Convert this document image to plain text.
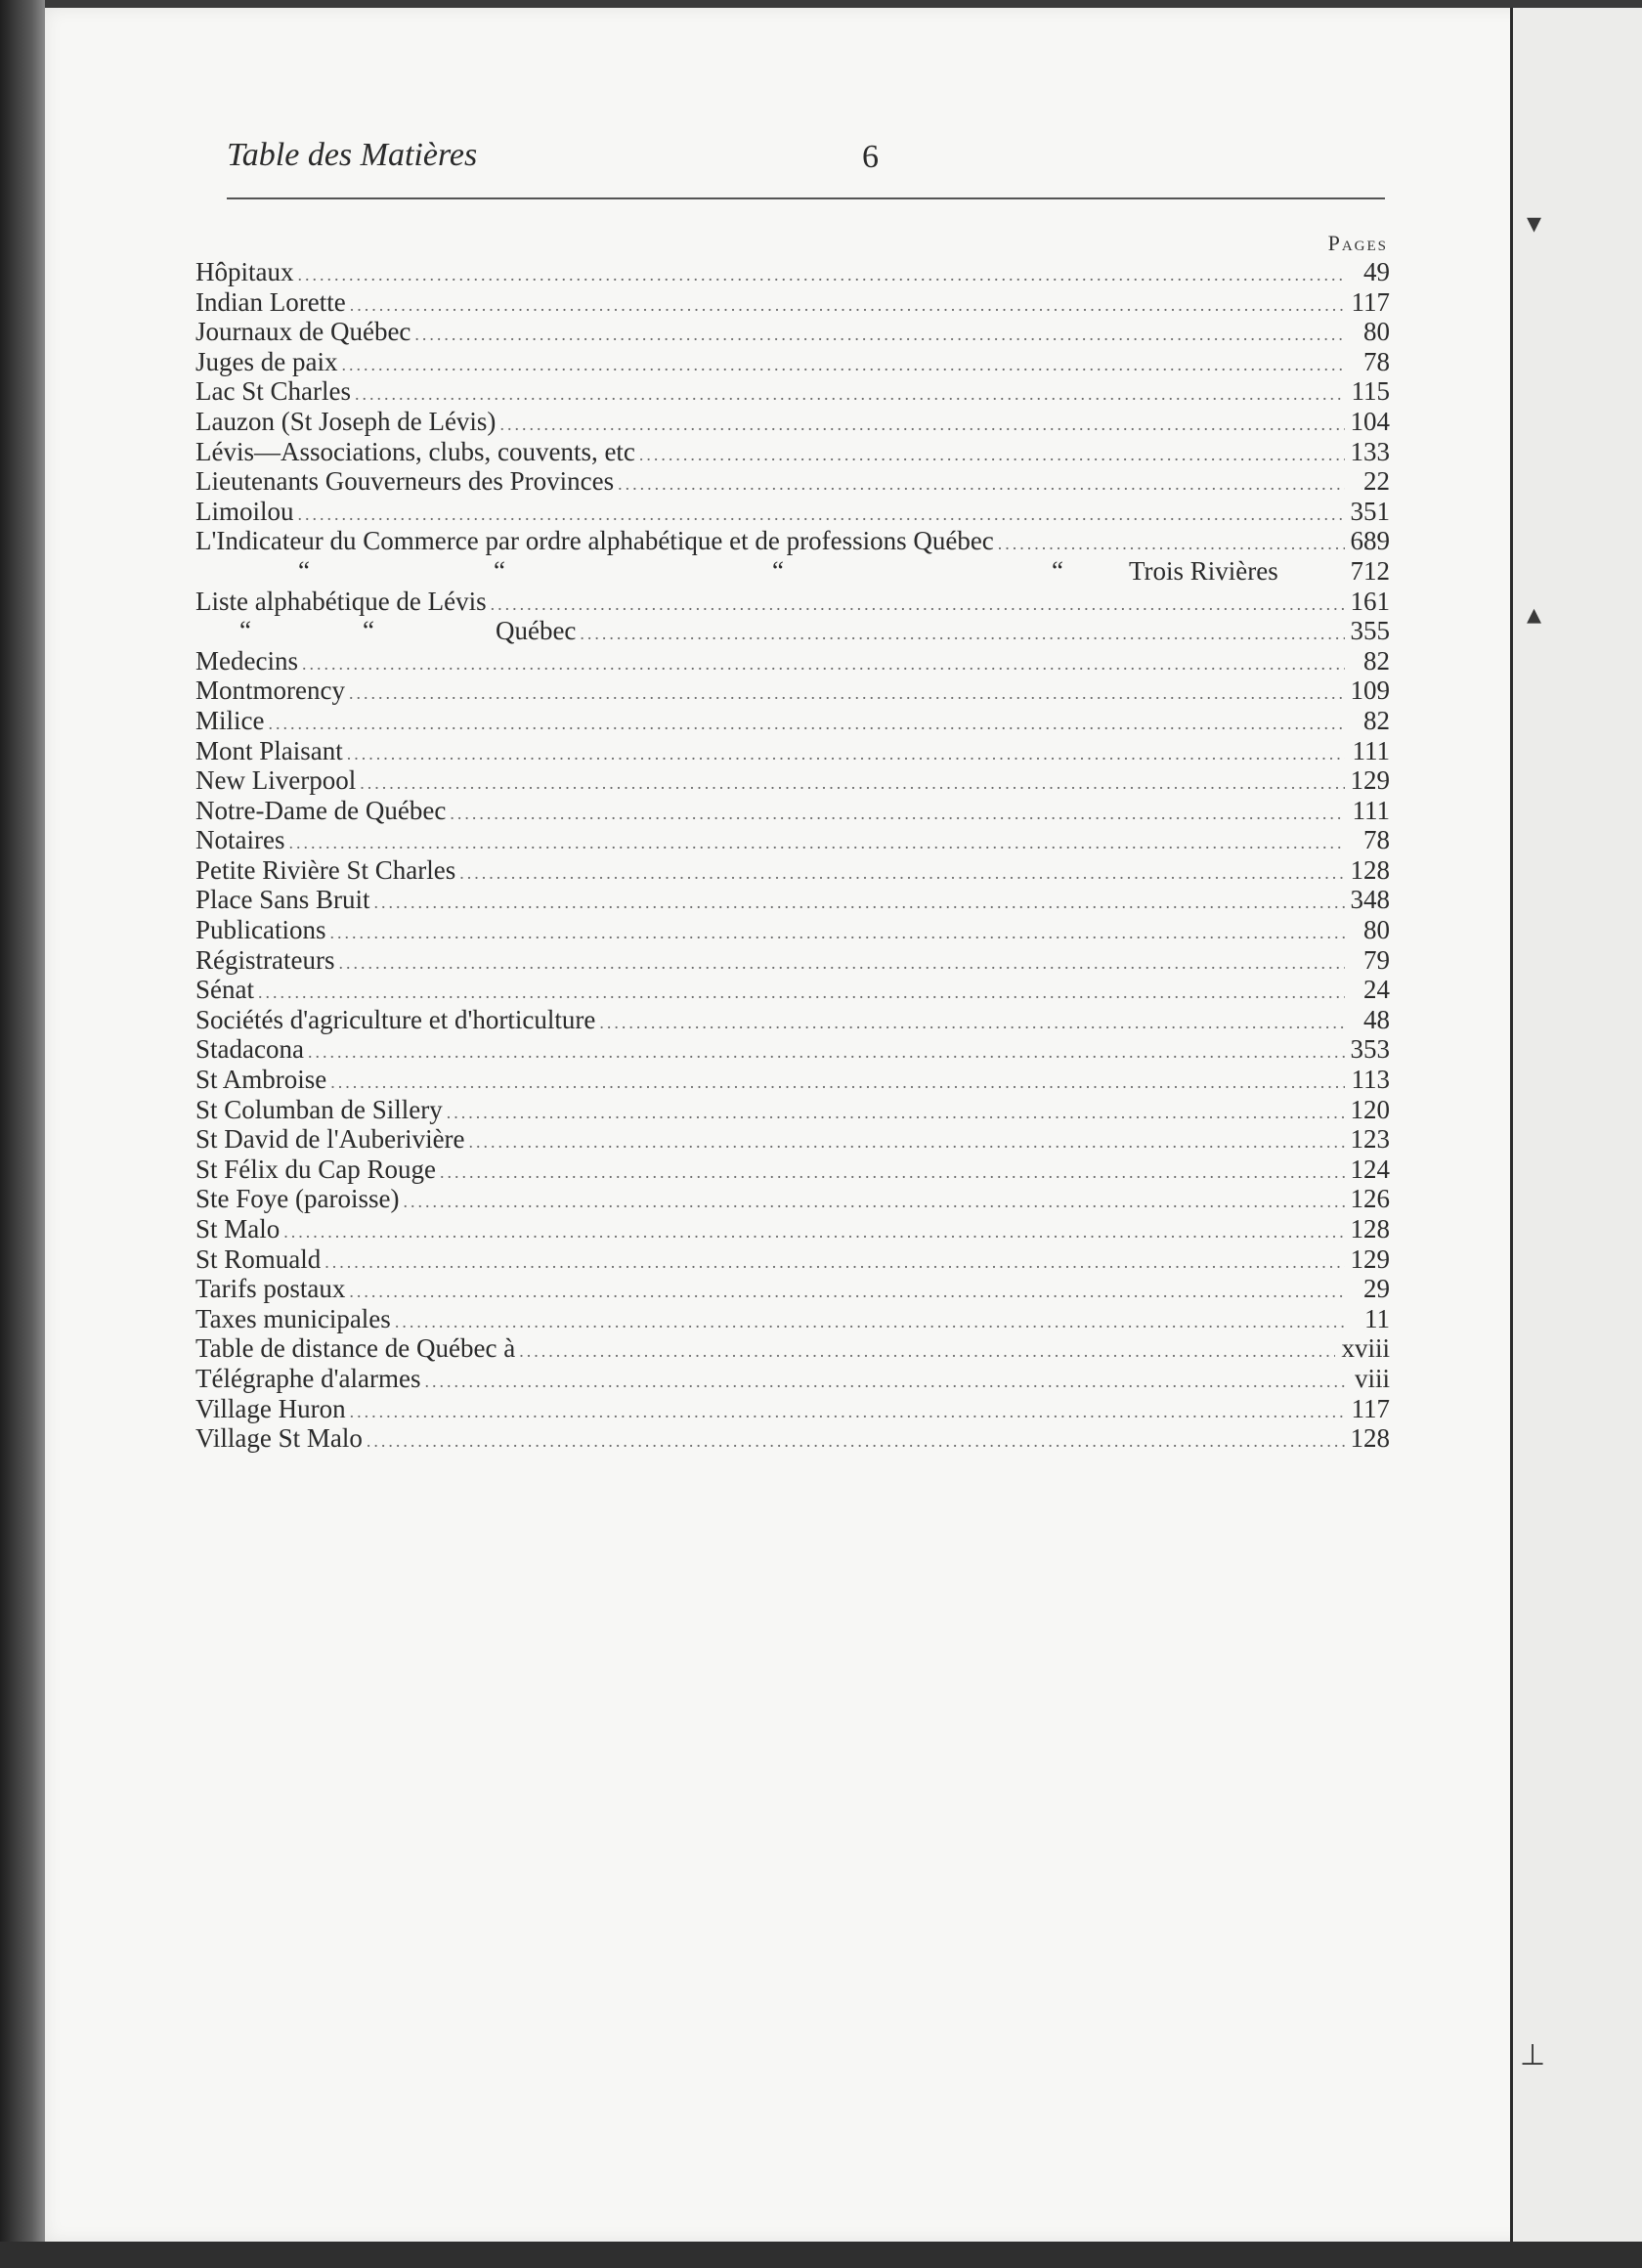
▾
▴
⊥
Table des Matières	6
Pages
Hôpitaux .....	49
Indian Lorette .....	117
Journaux de Québec .....	80
Juges de paix .....	78
Lac St Charles .....	115
Lauzon (St Joseph de Lévis) .....	104
Lévis—Associations, clubs, couvents, etc .....	133
Lieutenants Gouverneurs des Provinces .....	22
Limoilou .....	351
L'Indicateur du Commerce par ordre alphabétique et de professions Québec .....	689
“	“	“	“ Trois Rivières	712
Liste alphabétique de Lévis .....	161
“	“	Québec .....	355
Medecins .....	82
Montmorency .....	109
Milice .....	82
Mont Plaisant .....	111
New Liverpool .....	129
Notre-Dame de Québec .....	111
Notaires .....	78
Petite Rivière St Charles .....	128
Place Sans Bruit .....	348
Publications .....	80
Régistrateurs .....	79
Sénat .....	24
Sociétés d'agriculture et d'horticulture .....	48
Stadacona .....	353
St Ambroise .....	113
St Columban de Sillery .....	120
St David de l'Auberivière .....	123
St Félix du Cap Rouge .....	124
Ste Foye (paroisse) .....	126
St Malo .....	128
St Romuald .....	129
Tarifs postaux .....	29
Taxes municipales .....	11
Table de distance de Québec à .....	xviii
Télégraphe d'alarmes .....	viii
Village Huron .....	117
Village St Malo .....	128
